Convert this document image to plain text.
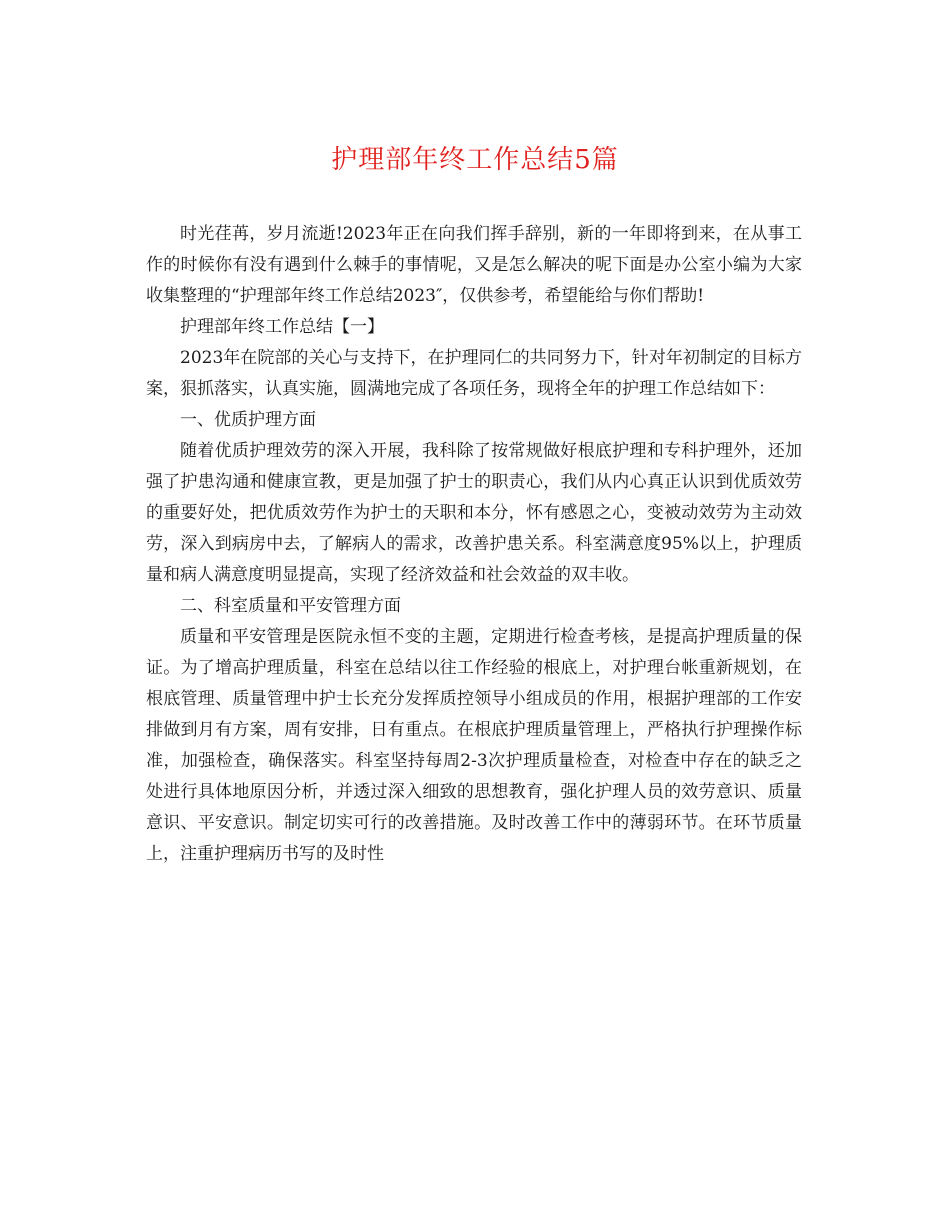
护理部年终工作总结5篇

时光荏苒，岁月流逝!2023年正在向我们挥手辞别，新的一年即将到来，在从事工作的时候你有没有遇到什么棘手的事情呢，又是怎么解决的呢下面是办公室小编为大家收集整理的“护理部年终工作总结2023″，仅供参考，希望能给与你们帮助!

护理部年终工作总结【一】

2023年在院部的关心与支持下，在护理同仁的共同努力下，针对年初制定的目标方案，狠抓落实，认真实施，圆满地完成了各项任务，现将全年的护理工作总结如下：

一、优质护理方面

随着优质护理效劳的深入开展，我科除了按常规做好根底护理和专科护理外，还加强了护患沟通和健康宣教，更是加强了护士的职责心，我们从内心真正认识到优质效劳的重要好处，把优质效劳作为护士的天职和本分，怀有感恩之心，变被动效劳为主动效劳，深入到病房中去，了解病人的需求，改善护患关系。科室满意度95%以上，护理质量和病人满意度明显提高，实现了经济效益和社会效益的双丰收。

二、科室质量和平安管理方面

质量和平安管理是医院永恒不变的主题，定期进行检查考核，是提高护理质量的保证。为了增高护理质量，科室在总结以往工作经验的根底上，对护理台帐重新规划，在根底管理、质量管理中护士长充分发挥质控领导小组成员的作用，根据护理部的工作安排做到月有方案，周有安排，日有重点。在根底护理质量管理上，严格执行护理操作标准，加强检查，确保落实。科室坚持每周2-3次护理质量检查，对检查中存在的缺乏之处进行具体地原因分析，并透过深入细致的思想教育，强化护理人员的效劳意识、质量意识、平安意识。制定切实可行的改善措施。及时改善工作中的薄弱环节。在环节质量上，注重护理病历书写的及时性
